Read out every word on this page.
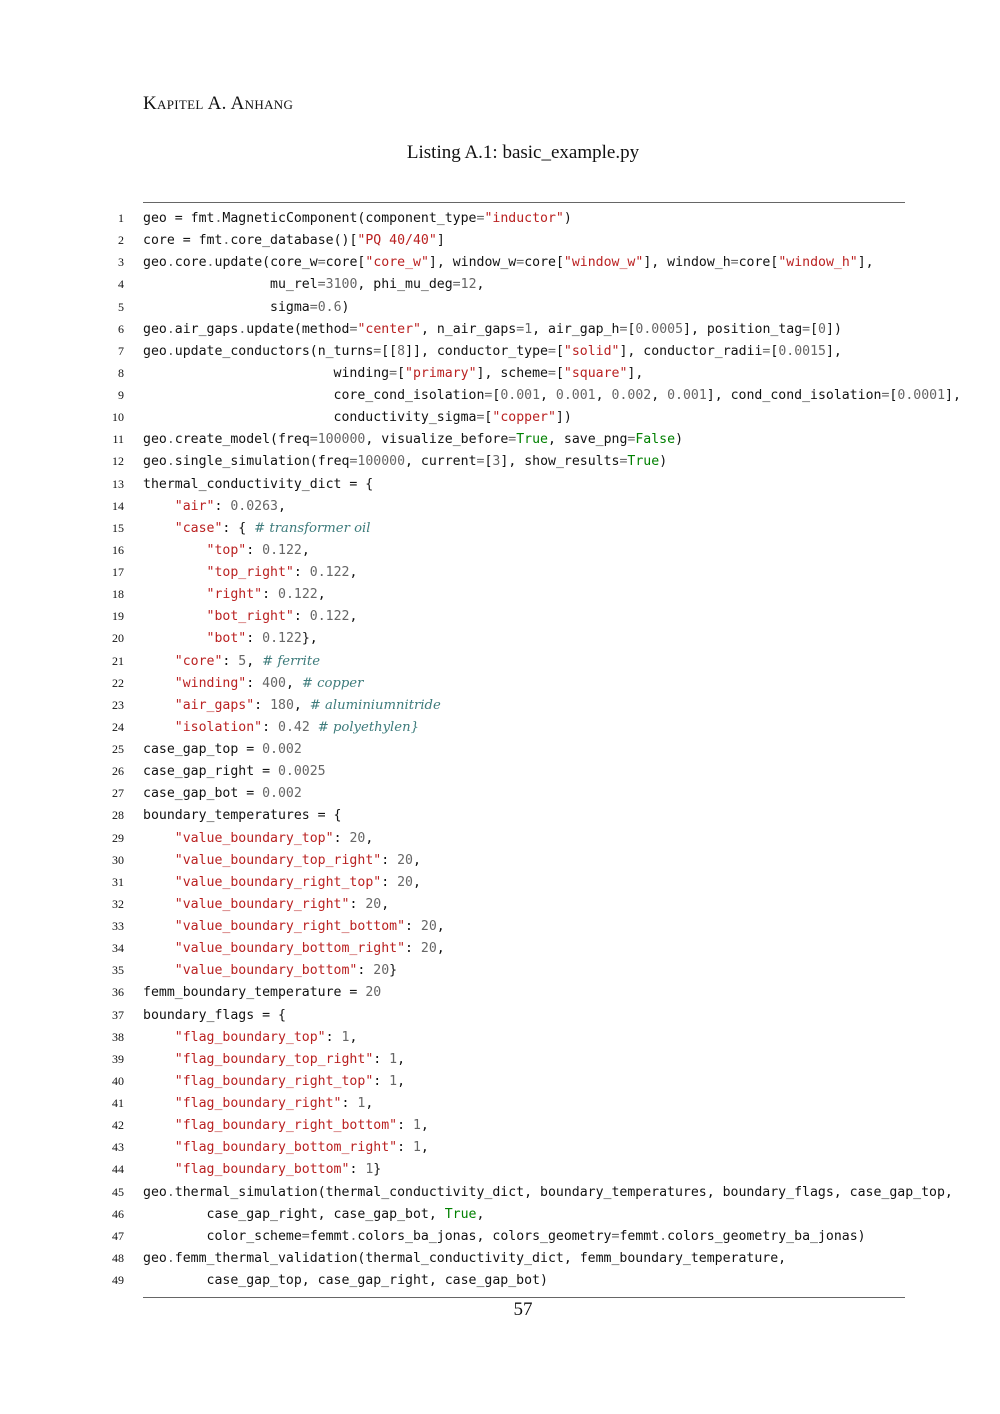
Kapitel A. Anhang
Listing A.1: basic_example.py
1 geo = fmt.MagneticComponent(component_type="inductor")
2 core = fmt.core_database()["PQ 40/40"]
3 geo.core.update(core_w=core["core_w"], window_w=core["window_w"], window_h=core["window_h"],
4 mu_rel=3100, phi_mu_deg=12,
5 sigma=0.6)
6 geo.air_gaps.update(method="center", n_air_gaps=1, air_gap_h=[0.0005], position_tag=[0])
7 geo.update_conductors(n_turns=[[8]], conductor_type=["solid"], conductor_radii=[0.0015],
8 winding=["primary"], scheme=["square"],
9 core_cond_isolation=[0.001, 0.001, 0.002, 0.001], cond_cond_isolation=[0.0001],
10 conductivity_sigma=["copper"])
11 geo.create_model(freq=100000, visualize_before=True, save_png=False)
12 geo.single_simulation(freq=100000, current=[3], show_results=True)
13 thermal_conductivity_dict = {
14	"air": 0.0263,
15	"case": { # transformer oil
16	"top": 0.122,
17	"top_right": 0.122,
18	"right": 0.122,
19	"bot_right": 0.122,
20	"bot": 0.122},
21	"core": 5, # ferrite
22	"winding": 400, # copper
23	"air_gaps": 180, # aluminiumnitride
24	"isolation": 0.42 # polyethylen}
25 case_gap_top = 0.002
26 case_gap_right = 0.0025
27 case_gap_bot = 0.002
28 boundary_temperatures = {
29	"value_boundary_top": 20,
30	"value_boundary_top_right": 20,
31	"value_boundary_right_top": 20,
32	"value_boundary_right": 20,
33	"value_boundary_right_bottom": 20,
34	"value_boundary_bottom_right": 20,
35	"value_boundary_bottom": 20}
36 femm_boundary_temperature = 20
37 boundary_flags = {
38	"flag_boundary_top": 1,
39	"flag_boundary_top_right": 1,
40	"flag_boundary_right_top": 1,
41	"flag_boundary_right": 1,
42	"flag_boundary_right_bottom": 1,
43	"flag_boundary_bottom_right": 1,
44	"flag_boundary_bottom": 1}
45 geo.thermal_simulation(thermal_conductivity_dict, boundary_temperatures, boundary_flags, case_gap_top,
46 case_gap_right, case_gap_bot, True,
47 color_scheme=femmt.colors_ba_jonas, colors_geometry=femmt.colors_geometry_ba_jonas)
48 geo.femm_thermal_validation(thermal_conductivity_dict, femm_boundary_temperature,
49 case_gap_top, case_gap_right, case_gap_bot)
57
